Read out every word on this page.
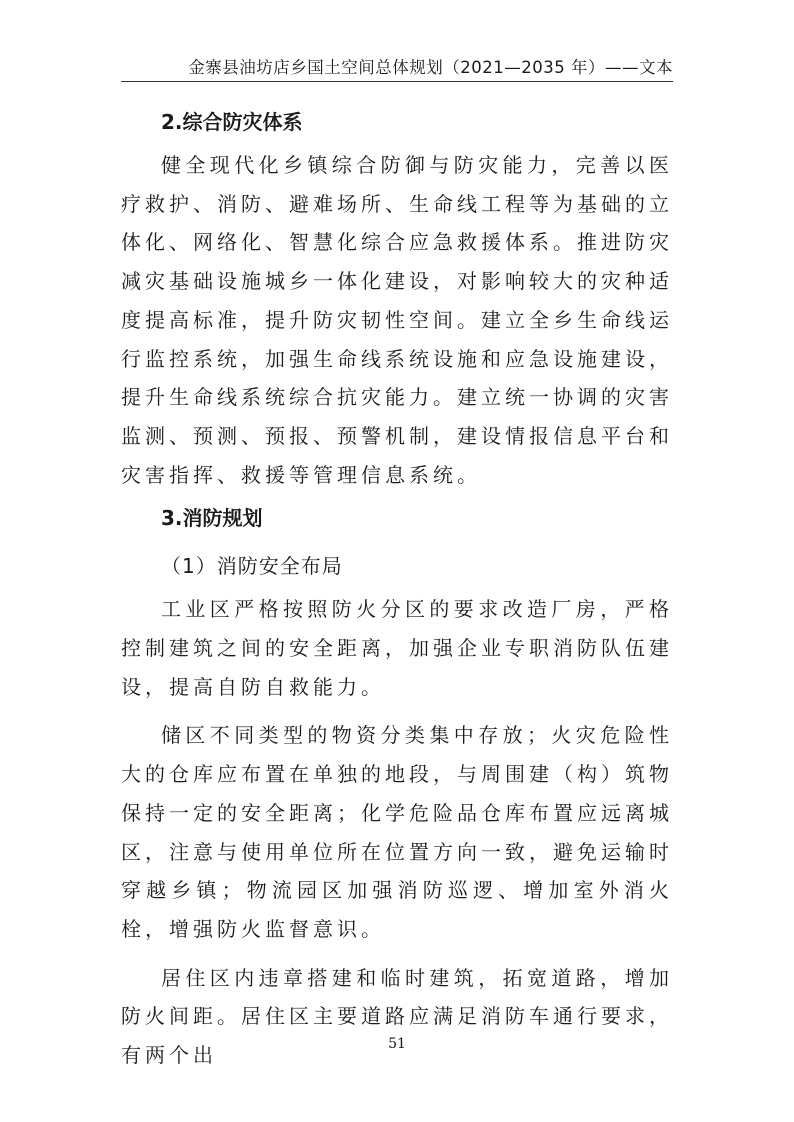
金寨县油坊店乡国土空间总体规划（2021—2035 年）——文本
2.综合防灾体系

健全现代化乡镇综合防御与防灾能力，完善以医疗救护、消防、避难场所、生命线工程等为基础的立体化、网络化、智慧化综合应急救援体系。推进防灾减灾基础设施城乡一体化建设，对影响较大的灾种适度提高标准，提升防灾韧性空间。建立全乡生命线运行监控系统，加强生命线系统设施和应急设施建设，提升生命线系统综合抗灾能力。建立统一协调的灾害监测、预测、预报、预警机制，建设情报信息平台和灾害指挥、救援等管理信息系统。

3.消防规划
（1）消防安全布局

工业区严格按照防火分区的要求改造厂房，严格控制建筑之间的安全距离，加强企业专职消防队伍建设，提高自防自救能力。

储区不同类型的物资分类集中存放；火灾危险性大的仓库应布置在单独的地段，与周围建（构）筑物保持一定的安全距离；化学危险品仓库布置应远离城区，注意与使用单位所在位置方向一致，避免运输时穿越乡镇；物流园区加强消防巡逻、增加室外消火栓，增强防火监督意识。

居住区内违章搭建和临时建筑，拓宽道路，增加防火间距。居住区主要道路应满足消防车通行要求，有两个出	51
